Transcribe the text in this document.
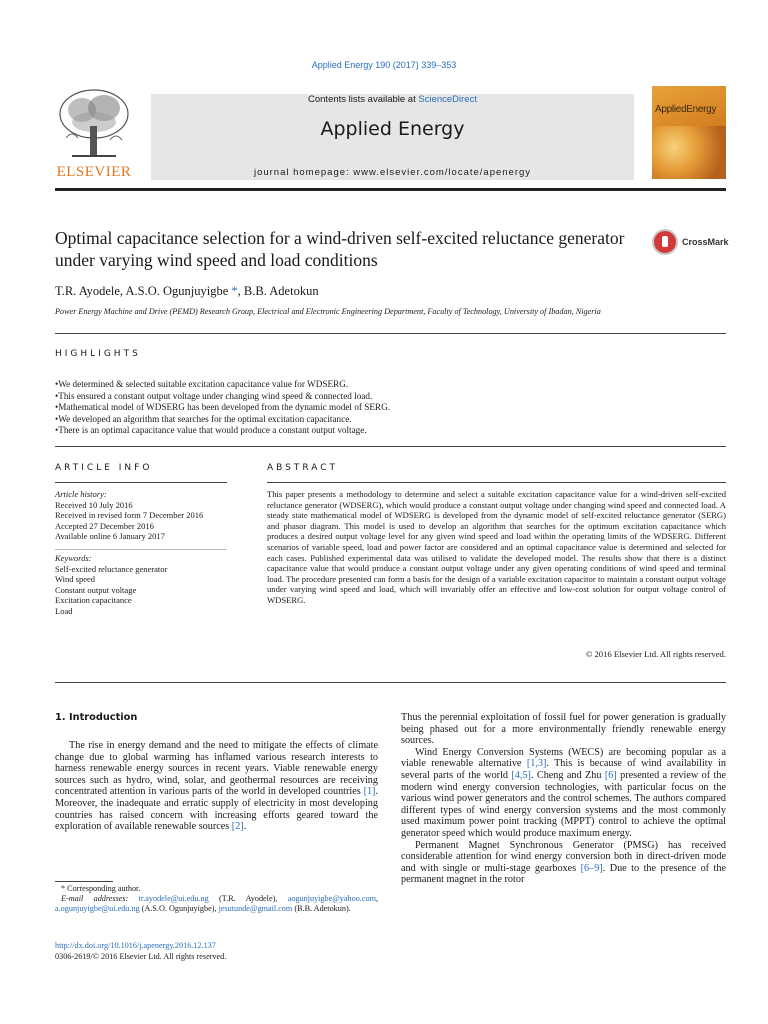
Applied Energy 190 (2017) 339–353
ELSEVIER
Contents lists available at ScienceDirect
Applied Energy
journal homepage: www.elsevier.com/locate/apenergy
AppliedEnergy
Optimal capacitance selection for a wind-driven self-excited reluctance generator under varying wind speed and load conditions
CrossMark
T.R. Ayodele, A.S.O. Ogunjuyigbe *, B.B. Adetokun
Power Energy Machine and Drive (PEMD) Research Group, Electrical and Electronic Engineering Department, Faculty of Technology, University of Ibadan, Nigeria
HIGHLIGHTS
• We determined & selected suitable excitation capacitance value for WDSERG.
• This ensured a constant output voltage under changing wind speed & connected load.
• Mathematical model of WDSERG has been developed from the dynamic model of SERG.
• We developed an algorithm that searches for the optimal excitation capacitance.
• There is an optimal capacitance value that would produce a constant output voltage.
ARTICLE INFO
Article history:
Received 10 July 2016
Received in revised form 7 December 2016
Accepted 27 December 2016
Available online 6 January 2017
Keywords:
Self-excited reluctance generator
Wind speed
Constant output voltage
Excitation capacitance
Load
ABSTRACT
This paper presents a methodology to determine and select a suitable excitation capacitance value for a wind-driven self-excited reluctance generator (WDSERG), which would produce a constant output voltage under changing wind speed and connected load. A steady state mathematical model of WDSERG is developed from the dynamic model of self-excited reluctance generator (SERG) and phasor diagram. This model is used to develop an algorithm that searches for the optimum excitation capacitance which produces a desired output voltage level for any given wind speed and load within the operating limits of the WDSERG. Different scenarios of variable speed, load and power factor are considered and an optimal capacitance value is determined and selected for each cases. Published experimental data was utilised to validate the developed model. The results show that there is a distinct capacitance value that would produce a constant output voltage under any given operating conditions of wind speed and terminal load. The procedure presented can form a basis for the design of a variable excitation capacitor to maintain a constant output voltage under varying wind speed and load, which will invariably offer an effective and low-cost solution for output voltage control of WDSERG.
© 2016 Elsevier Ltd. All rights reserved.
1. Introduction

The rise in energy demand and the need to mitigate the effects of climate change due to global warming has inflamed various research interests to harness renewable energy sources in recent years. Viable renewable energy sources such as hydro, wind, solar, and geothermal resources are receiving concentrated attention in various parts of the world in developed countries [1]. Moreover, the inadequate and erratic supply of electricity in most developing countries has raised concern with increasing efforts geared toward the exploration of available renewable sources [2].

Thus the perennial exploitation of fossil fuel for power generation is gradually being phased out for a more environmentally friendly renewable energy sources.

Wind Energy Conversion Systems (WECS) are becoming popular as a viable renewable alternative [1,3]. This is because of wind availability in several parts of the world [4,5]. Cheng and Zhu [6] presented a review of the modern wind energy conversion technologies, with particular focus on the various wind power generators and the control schemes. The authors compared different types of wind energy conversion systems and the most commonly used maximum power point tracking (MPPT) control to achieve the optimal generator speed which would produce maximum energy.

Permanent Magnet Synchronous Generator (PMSG) has received considerable attention for wind energy conversion both in direct-driven mode and with single or multi-stage gearboxes [6–9]. Due to the presence of the permanent magnet in the rotor

* Corresponding author.
E-mail addresses: tr.ayodele@ui.edu.ng (T.R. Ayodele), aogunjuyigbe@yahoo.com, a.ogunjuyigbe@ui.edu.ng (A.S.O. Ogunjuyigbe), jesutunde@gmail.com (B.B. Adetokun).
http://dx.doi.org/10.1016/j.apenergy.2016.12.137
0306-2619/© 2016 Elsevier Ltd. All rights reserved.
